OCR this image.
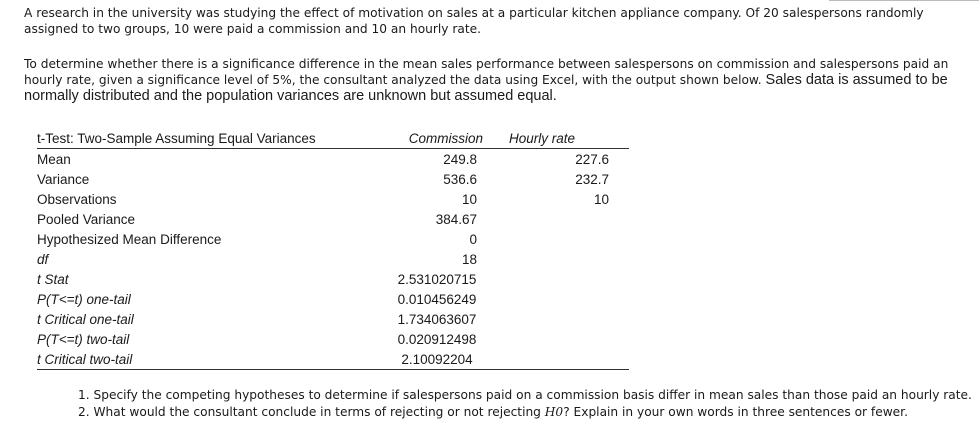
A research in the university was studying the effect of motivation on sales at a particular kitchen appliance company. Of 20 salespersons randomly assigned to two groups, 10 were paid a commission and 10 an hourly rate.
To determine whether there is a significance difference in the mean sales performance between salespersons on commission and salespersons paid an hourly rate, given a significance level of 5%, the consultant analyzed the data using Excel, with the output shown below. Sales data is assumed to be normally distributed and the population variances are unknown but assumed equal.
t-Test: Two-Sample Assuming Equal Variances	Commission	Hourly rate
Mean	249.8	227.6
Variance	536.6	232.7
Observations	10	10
Pooled Variance	384.67	
Hypothesized Mean Difference	0	
df	18	
t Stat	2.531020715	
P(T<=t) one-tail	0.010456249	
t Critical one-tail	1.734063607	
P(T<=t) two-tail	0.020912498	
t Critical two-tail	2.10092204	
1. Specify the competing hypotheses to determine if salespersons paid on a commission basis differ in mean sales than those paid an hourly rate.
2. What would the consultant conclude in terms of rejecting or not rejecting H0? Explain in your own words in three sentences or fewer.
